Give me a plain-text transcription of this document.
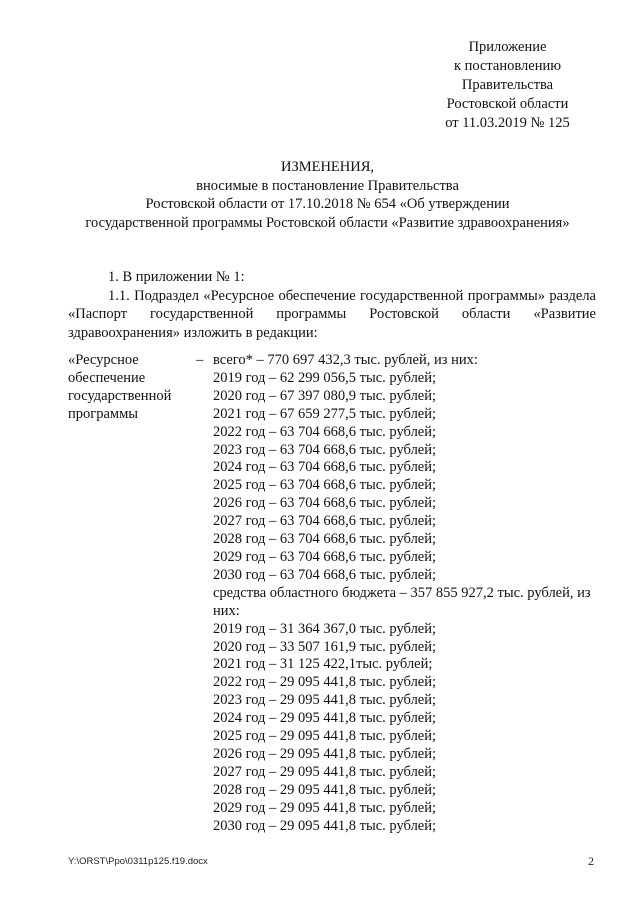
Приложение
к постановлению
Правительства
Ростовской области
от 11.03.2019 № 125
ИЗМЕНЕНИЯ,
вносимые в постановление Правительства
Ростовской области от 17.10.2018 № 654 «Об утверждении
государственной программы Ростовской области «Развитие здравоохранения»
1. В приложении № 1:
1.1. Подраздел «Ресурсное обеспечение государственной программы» раздела «Паспорт государственной программы Ростовской области «Развитие здравоохранения» изложить в редакции:
«Ресурсное
обеспечение
государственной
программы
– всего* – 770 697 432,3 тыс. рублей, из них:
2019 год – 62 299 056,5 тыс. рублей;
2020 год – 67 397 080,9 тыс. рублей;
2021 год – 67 659 277,5 тыс. рублей;
2022 год – 63 704 668,6 тыс. рублей;
2023 год – 63 704 668,6 тыс. рублей;
2024 год – 63 704 668,6 тыс. рублей;
2025 год – 63 704 668,6 тыс. рублей;
2026 год – 63 704 668,6 тыс. рублей;
2027 год – 63 704 668,6 тыс. рублей;
2028 год – 63 704 668,6 тыс. рублей;
2029 год – 63 704 668,6 тыс. рублей;
2030 год – 63 704 668,6 тыс. рублей;
средства областного бюджета – 357 855 927,2 тыс. рублей, из них:
2019 год – 31 364 367,0 тыс. рублей;
2020 год – 33 507 161,9 тыс. рублей;
2021 год – 31 125 422,1тыс. рублей;
2022 год – 29 095 441,8 тыс. рублей;
2023 год – 29 095 441,8 тыс. рублей;
2024 год – 29 095 441,8 тыс. рублей;
2025 год – 29 095 441,8 тыс. рублей;
2026 год – 29 095 441,8 тыс. рублей;
2027 год – 29 095 441,8 тыс. рублей;
2028 год – 29 095 441,8 тыс. рублей;
2029 год – 29 095 441,8 тыс. рублей;
2030 год – 29 095 441,8 тыс. рублей;
Y:\ORST\Ppo\0311p125.f19.docx	2
